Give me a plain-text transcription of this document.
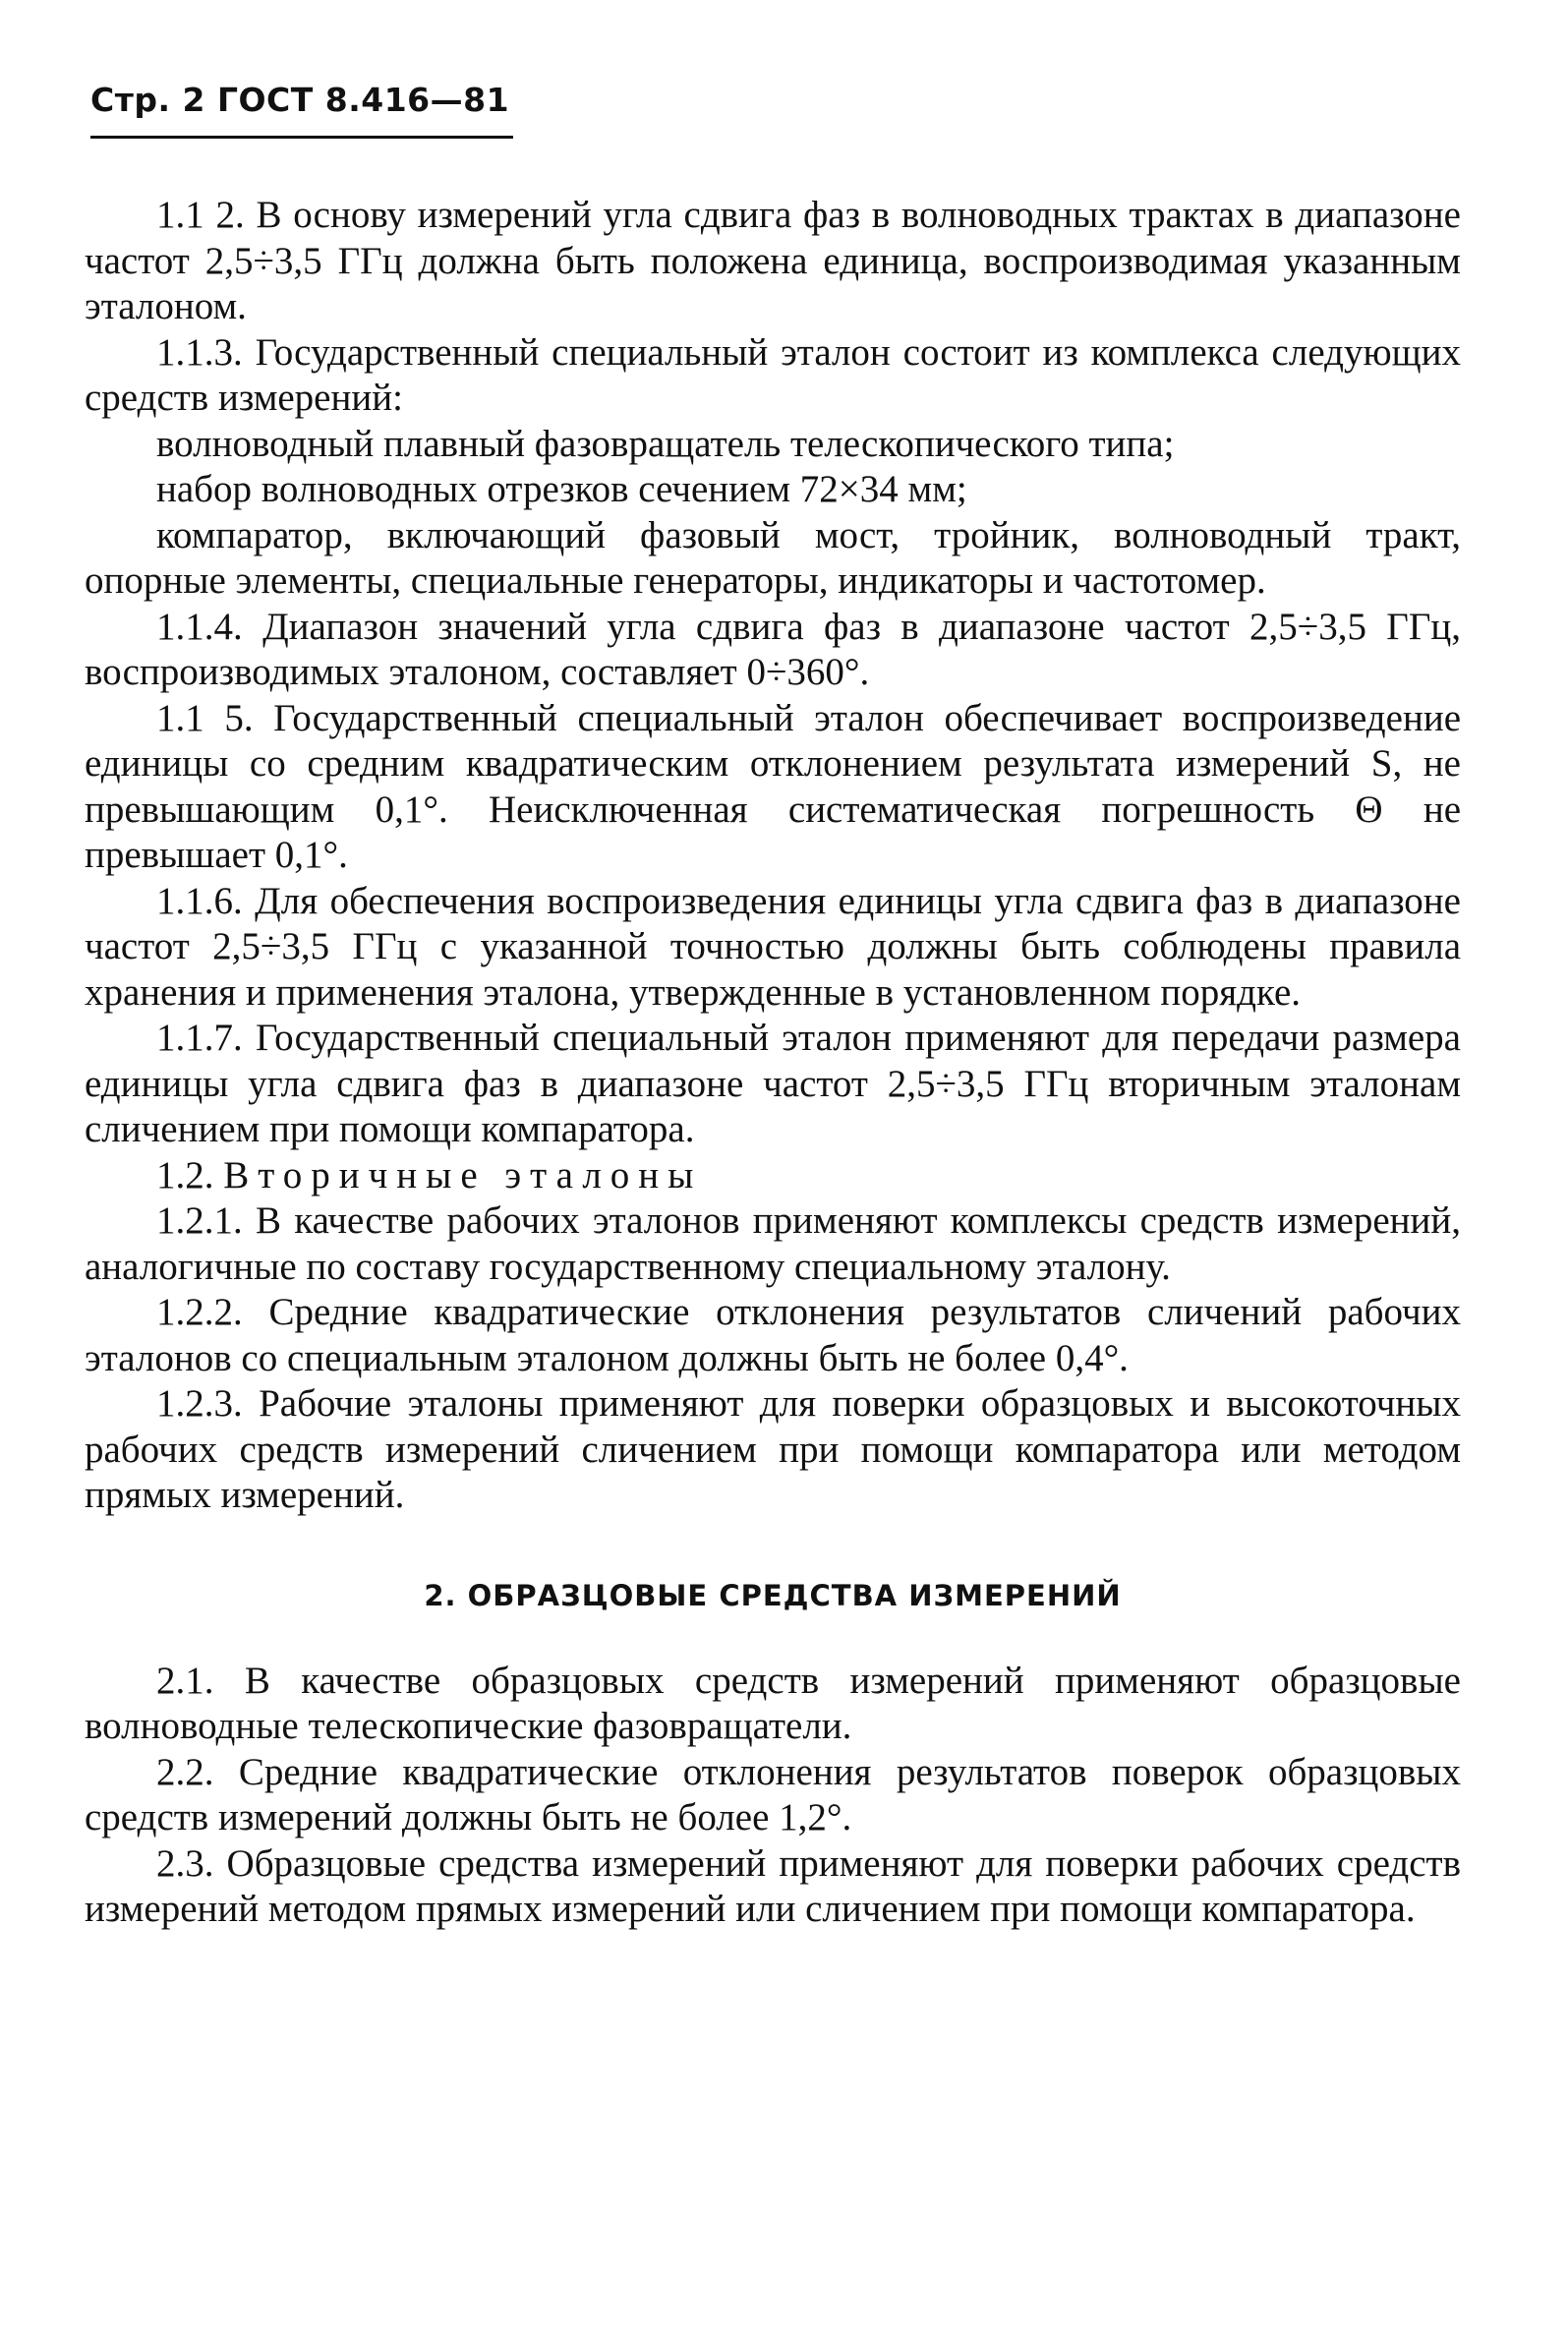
Стр. 2 ГОСТ 8.416—81

1.1 2. В основу измерений угла сдвига фаз в волноводных трактах в диапазоне частот 2,5÷3,5 ГГц должна быть положена единица, воспроизводимая указанным эталоном.

1.1.3. Государственный специальный эталон состоит из комплекса следующих средств измерений:

волноводный плавный фазовращатель телескопического типа;

набор волноводных отрезков сечением 72×34 мм;

компаратор, включающий фазовый мост, тройник, волноводный тракт, опорные элементы, специальные генераторы, индикаторы и частотомер.

1.1.4. Диапазон значений угла сдвига фаз в диапазоне частот 2,5÷3,5 ГГц, воспроизводимых эталоном, составляет 0÷360°.

1.1 5. Государственный специальный эталон обеспечивает воспроизведение единицы со средним квадратическим отклонением результата измерений S, не превышающим 0,1°. Неисключенная систематическая погрешность Θ не превышает 0,1°.

1.1.6. Для обеспечения воспроизведения единицы угла сдвига фаз в диапазоне частот 2,5÷3,5 ГГц с указанной точностью должны быть соблюдены правила хранения и применения эталона, утвержденные в установленном порядке.

1.1.7. Государственный специальный эталон применяют для передачи размера единицы угла сдвига фаз в диапазоне частот 2,5÷3,5 ГГц вторичным эталонам сличением при помощи компаратора.

1.2. Вторичные эталоны

1.2.1. В качестве рабочих эталонов применяют комплексы средств измерений, аналогичные по составу государственному специальному эталону.

1.2.2. Средние квадратические отклонения результатов сличений рабочих эталонов со специальным эталоном должны быть не более 0,4°.

1.2.3. Рабочие эталоны применяют для поверки образцовых и высокоточных рабочих средств измерений сличением при помощи компаратора или методом прямых измерений.

2. ОБРАЗЦОВЫЕ СРЕДСТВА ИЗМЕРЕНИЙ

2.1. В качестве образцовых средств измерений применяют образцовые волноводные телескопические фазовращатели.

2.2. Средние квадратические отклонения результатов поверок образцовых средств измерений должны быть не более 1,2°.

2.3. Образцовые средства измерений применяют для поверки рабочих средств измерений методом прямых измерений или сличением при помощи компаратора.
